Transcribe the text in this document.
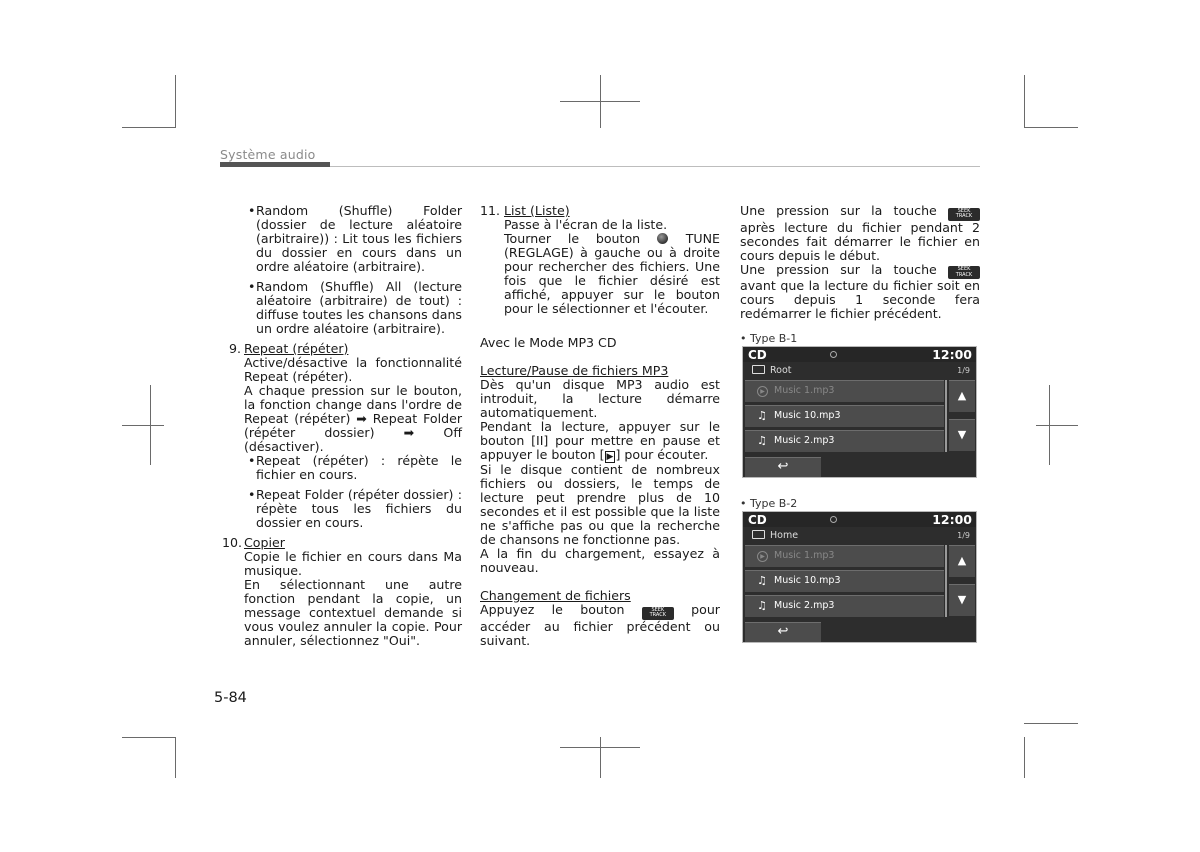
Système audio
• Random (Shuffle) Folder (dossier de lecture aléatoire (arbitraire)) : Lit tous les fichiers du dossier en cours dans un ordre aléatoire (arbitraire).
• Random (Shuffle) All (lecture aléatoire (arbitraire) de tout) : diffuse toutes les chansons dans un ordre aléatoire (arbitraire).
9. Repeat (répéter)

Active/désactive la fonctionnalité Repeat (répéter).

A chaque pression sur le bouton, la fonction change dans l'ordre de Repeat (répéter) ➡ Repeat Folder (répéter dossier) ➡ Off (désactiver).

• Repeat (répéter) : répète le fichier en cours.
• Repeat Folder (répéter dossier) : répète tous les fichiers du dossier en cours.
10. Copier

Copie le fichier en cours dans Ma musique.

En sélectionnant une autre fonction pendant la copie, un message contextuel demande si vous voulez annuler la copie. Pour annuler, sélectionnez "Oui".

11. List (Liste)

Passe à l'écran de la liste.

Tourner le bouton	TUNE (REGLAGE) à gauche ou à droite pour rechercher des fichiers. Une fois que le fichier désiré est affiché, appuyer sur le bouton pour le sélectionner et l'écouter.

Avec le Mode MP3 CD

Lecture/Pause de fichiers MP3

Dès qu'un disque MP3 audio est introduit, la lecture démarre automatiquement.

Pendant la lecture, appuyer sur le bouton [II] pour mettre en pause et appuyer le bouton [ ▶ ] pour écouter.

Si le disque contient de nombreux fichiers ou dossiers, le temps de lecture peut prendre plus de 10 secondes et il est possible que la liste ne s'affiche pas ou que la recherche de chansons ne fonctionne pas.

A la fin du chargement, essayez à nouveau.

Changement de fichiers

Appuyez le bouton	SEEK
TRACK pour accéder au fichier précédent ou suivant.

Une pression sur la touche	SEEK
TRACK après lecture du fichier pendant 2 secondes fait démarrer le fichier en cours depuis le début.

Une pression sur la touche	SEEK
TRACK avant que la lecture du fichier soit en cours depuis 1 seconde fera redémarrer le fichier précédent.

• Type B-1
CD	12:00
Root	1/9
▶ Music 1.mp3
♫ Music 10.mp3
♫ Music 2.mp3
▲
▼
↩
• Type B-2
CD	12:00
Home	1/9
▶ Music 1.mp3
♫ Music 10.mp3
♫ Music 2.mp3
▲
▼
↩
5-84
